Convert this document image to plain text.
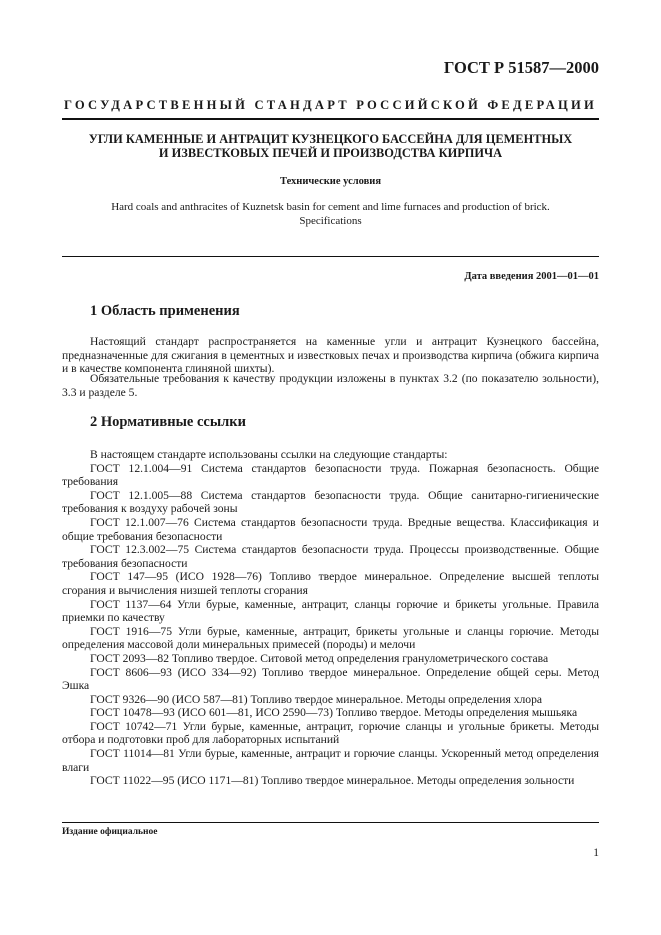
ГОСТ Р 51587—2000
ГОСУДАРСТВЕННЫЙ СТАНДАРТ РОССИЙСКОЙ ФЕДЕРАЦИИ
УГЛИ КАМЕННЫЕ И АНТРАЦИТ КУЗНЕЦКОГО БАССЕЙНА ДЛЯ ЦЕМЕНТНЫХ
И ИЗВЕСТКОВЫХ ПЕЧЕЙ И ПРОИЗВОДСТВА КИРПИЧА
Технические условия
Hard coals and anthracites of Kuznetsk basin for cement and lime furnaces and production of brick.
Specifications
Дата введения 2001—01—01
1 Область применения
Настоящий стандарт распространяется на каменные угли и антрацит Кузнецкого бассейна, предназначенные для сжигания в цементных и известковых печах и производства кирпича (обжига кирпича и в качестве компонента глиняной шихты).
Обязательные требования к качеству продукции изложены в пунктах 3.2 (по показателю зольности), 3.3 и разделе 5.
2 Нормативные ссылки

В настоящем стандарте использованы ссылки на следующие стандарты:

ГОСТ 12.1.004—91 Система стандартов безопасности труда. Пожарная безопасность. Общие требования

ГОСТ 12.1.005—88 Система стандартов безопасности труда. Общие санитарно-гигиенические требования к воздуху рабочей зоны

ГОСТ 12.1.007—76 Система стандартов безопасности труда. Вредные вещества. Классификация и общие требования безопасности

ГОСТ 12.3.002—75 Система стандартов безопасности труда. Процессы производственные. Общие требования безопасности

ГОСТ 147—95 (ИСО 1928—76) Топливо твердое минеральное. Определение высшей теплоты сгорания и вычисления низшей теплоты сгорания

ГОСТ 1137—64 Угли бурые, каменные, антрацит, сланцы горючие и брикеты угольные. Правила приемки по качеству

ГОСТ 1916—75 Угли бурые, каменные, антрацит, брикеты угольные и сланцы горючие. Методы определения массовой доли минеральных примесей (породы) и мелочи

ГОСТ 2093—82 Топливо твердое. Ситовой метод определения гранулометрического состава

ГОСТ 8606—93 (ИСО 334—92) Топливо твердое минеральное. Определение общей серы. Метод Эшка

ГОСТ 9326—90 (ИСО 587—81) Топливо твердое минеральное. Методы определения хлора

ГОСТ 10478—93 (ИСО 601—81, ИСО 2590—73) Топливо твердое. Методы определения мышьяка

ГОСТ 10742—71 Угли бурые, каменные, антрацит, горючие сланцы и угольные брикеты. Методы отбора и подготовки проб для лабораторных испытаний

ГОСТ 11014—81 Угли бурые, каменные, антрацит и горючие сланцы. Ускоренный метод определения влаги

ГОСТ 11022—95 (ИСО 1171—81) Топливо твердое минеральное. Методы определения зольности

Издание официальное
1
